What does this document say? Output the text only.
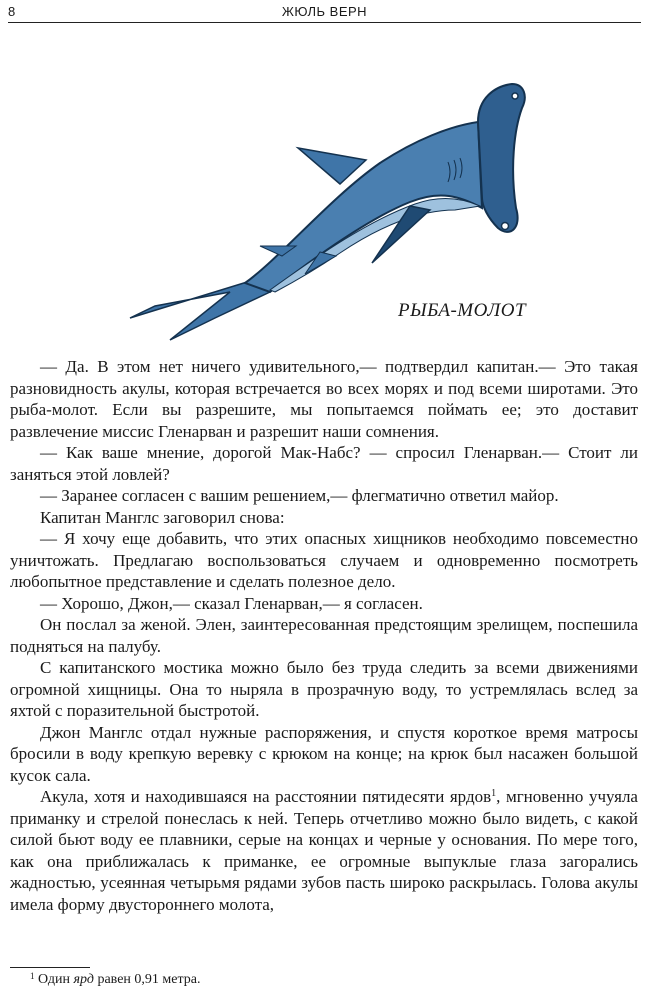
8	ЖЮЛЬ ВЕРН
РЫБА-МОЛОТ

— Да. В этом нет ничего удивительного,— подтвердил капитан.— Это такая разновидность акулы, которая встречается во всех морях и под всеми широтами. Это рыба-молот. Если вы разрешите, мы попытаемся поймать ее; это доставит развлечение миссис Гленарван и разрешит наши сомнения.

— Как ваше мнение, дорогой Мак-Набс? — спросил Гленарван.— Стоит ли заняться этой ловлей?

— Заранее согласен с вашим решением,— флегматично ответил майор.

Капитан Манглс заговорил снова:

— Я хочу еще добавить, что этих опасных хищников необходимо повсеместно уничтожать. Предлагаю воспользоваться случаем и одновременно посмотреть любопытное представление и сделать полезное дело.

— Хорошо, Джон,— сказал Гленарван,— я согласен.

Он послал за женой. Элен, заинтересованная предстоящим зрелищем, поспешила подняться на палубу.

С капитанского мостика можно было без труда следить за всеми движениями огромной хищницы. Она то ныряла в прозрачную воду, то устремлялась вслед за яхтой с поразительной быстротой.

Джон Манглс отдал нужные распоряжения, и спустя короткое время матросы бросили в воду крепкую веревку с крюком на конце; на крюк был насажен большой кусок сала.

Акула, хотя и находившаяся на расстоянии пятидесяти ярдов$^1$, мгновенно учуяла приманку и стрелой понеслась к ней. Теперь отчетливо можно было видеть, с какой силой бьют воду ее плавники, серые на концах и черные у основания. По мере того, как она приближалась к приманке, ее огромные выпуклые глаза загорались жадностью, усеянная четырьмя рядами зубов пасть широко раскрылась. Голова акулы имела форму двустороннего молота,

$^1$ Один ярд равен 0,91 метра.
